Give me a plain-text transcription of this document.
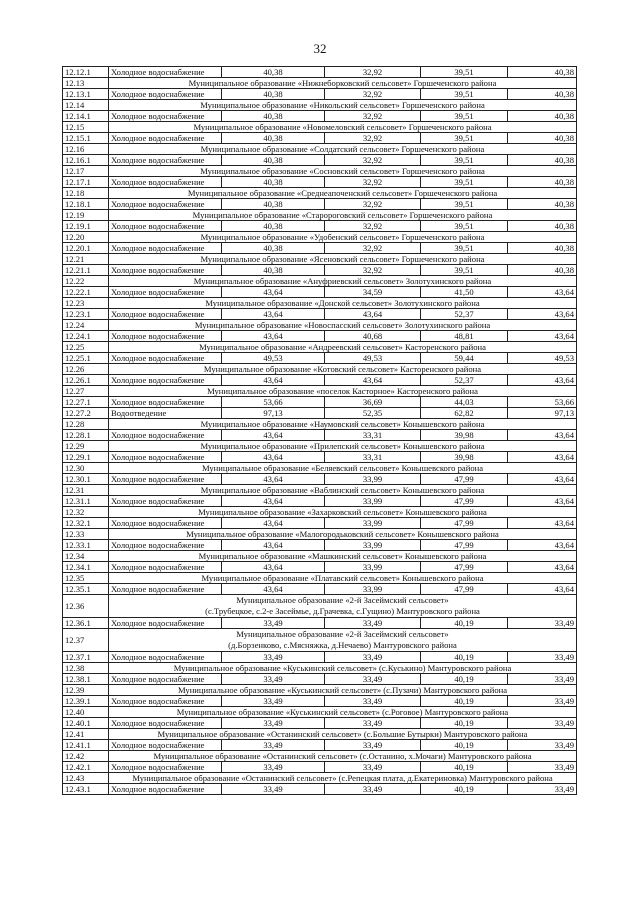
32
12.12.1	Холодное водоснабжение	40,38	32,92	39,51	40,38
12.13	Муниципальное образование «Нижнеборковский сельсовет» Горшеченского района				
12.13.1	Холодное водоснабжение	40,38	32,92	39,51	40,38
12.14	Муниципальное образование «Никольский сельсовет» Горшеченского района				
12.14.1	Холодное водоснабжение	40,38	32,92	39,51	40,38
12.15	Муниципальное образование «Новомеловский сельсовет» Горшеченского района				
12.15.1	Холодное водоснабжение	40,38	32,92	39,51	40,38
12.16	Муниципальное образование «Солдатский сельсовет» Горшеченского района				
12.16.1	Холодное водоснабжение	40,38	32,92	39,51	40,38
12.17	Муниципальное образование «Сосновский сельсовет» Горшеченского района				
12.17.1	Холодное водоснабжение	40,38	32,92	39,51	40,38
12.18	Муниципальное образование «Среднеапоченский сельсовет» Горшеченского района				
12.18.1	Холодное водоснабжение	40,38	32,92	39,51	40,38
12.19	Муниципальное образование «Старороговский сельсовет» Горшеченского района				
12.19.1	Холодное водоснабжение	40,38	32,92	39,51	40,38
12.20	Муниципальное образование «Удобенский сельсовет» Горшеченского района				
12.20.1	Холодное водоснабжение	40,38	32,92	39,51	40,38
12.21	Муниципальное образование «Ясеновский сельсовет» Горшеченского района				
12.21.1	Холодное водоснабжение	40,38	32,92	39,51	40,38
12.22	Муниципальное образование «Ануфриевский сельсовет» Золотухинского района				
12.22.1	Холодное водоснабжение	43,64	34,59	41,50	43,64
12.23	Муниципальное образование «Донской сельсовет» Золотухинского района				
12.23.1	Холодное водоснабжение	43,64	43,64	52,37	43,64
12.24	Муниципальное образование «Новоспасский сельсовет» Золотухинского района				
12.24.1	Холодное водоснабжение	43,64	40,68	48,81	43,64
12.25	Муниципальное образование «Андреевский сельсовет» Касторенского района				
12.25.1	Холодное водоснабжение	49,53	49,53	59,44	49,53
12.26	Муниципальное образование «Котовский сельсовет» Касторенского района				
12.26.1	Холодное водоснабжение	43,64	43,64	52,37	43,64
12.27	Муниципальное образование «поселок Касторное» Касторенского района				
12.27.1	Холодное водоснабжение	53,66	36,69	44,03	53,66
12.27.2	Водоотведение	97,13	52,35	62,82	97,13
12.28	Муниципальное образование «Наумовский сельсовет» Конышевского района				
12.28.1	Холодное водоснабжение	43,64	33,31	39,98	43,64
12.29	Муниципальное образование «Прилепский сельсовет» Конышевского района				
12.29.1	Холодное водоснабжение	43,64	33,31	39,98	43,64
12.30	Муниципальное образование «Беляевский сельсовет» Конышевского района				
12.30.1	Холодное водоснабжение	43,64	33,99	47,99	43,64
12.31	Муниципальное образование «Ваблинский сельсовет» Конышевского района				
12.31.1	Холодное водоснабжение	43,64	33,99	47,99	43,64
12.32	Муниципальное образование «Захарковский сельсовет» Конышевского района				
12.32.1	Холодное водоснабжение	43,64	33,99	47,99	43,64
12.33	Муниципальное образование «Малогородьковский сельсовет» Конышевского района				
12.33.1	Холодное водоснабжение	43,64	33,99	47,99	43,64
12.34	Муниципальное образование «Машкинский сельсовет» Конышевского района				
12.34.1	Холодное водоснабжение	43,64	33,99	47,99	43,64
12.35	Муниципальное образование «Платавский сельсовет» Конышевского района				
12.35.1	Холодное водоснабжение	43,64	33,99	47,99	43,64
12.36	Муниципальное образование «2-й Засеймский сельсовет»
(с.Трубецкое, с.2-е Засеймье, д.Грачевка, с.Гущино) Мантуровского района				

12.36.1	Холодное водоснабжение	33,49	33,49	40,19	33,49
12.37	Муниципальное образование «2-й Засеймский сельсовет»
(д.Борзенково, с.Мясняжка, д.Нечаево) Мантуровского района				

12.37.1	Холодное водоснабжение	33,49	33,49	40,19	33,49
12.38	Муниципальное образование «Куськинский сельсовет» (с.Куськино) Мантуровского района				
12.38.1	Холодное водоснабжение	33,49	33,49	40,19	33,49
12.39	Муниципальное образование «Куськинский сельсовет» (с.Пузачи) Мантуровского района				
12.39.1	Холодное водоснабжение	33,49	33,49	40,19	33,49
12.40	Муниципальное образование «Куськинский сельсовет» (с.Роговое) Мантуровского района				
12.40.1	Холодное водоснабжение	33,49	33,49	40,19	33,49
12.41	Муниципальное образование «Останинский сельсовет» (с.Большие Бутырки) Мантуровского района				
12.41.1	Холодное водоснабжение	33,49	33,49	40,19	33,49
12.42	Муниципальное образование «Останинский сельсовет» (с.Останино, х.Мочаги) Мантуровского района				
12.42.1	Холодное водоснабжение	33,49	33,49	40,19	33,49
12.43	Муниципальное образование «Останинский сельсовет» (с.Репецкая плата, д.Екатериновка) Мантуровского района				
12.43.1	Холодное водоснабжение	33,49	33,49	40,19	33,49
